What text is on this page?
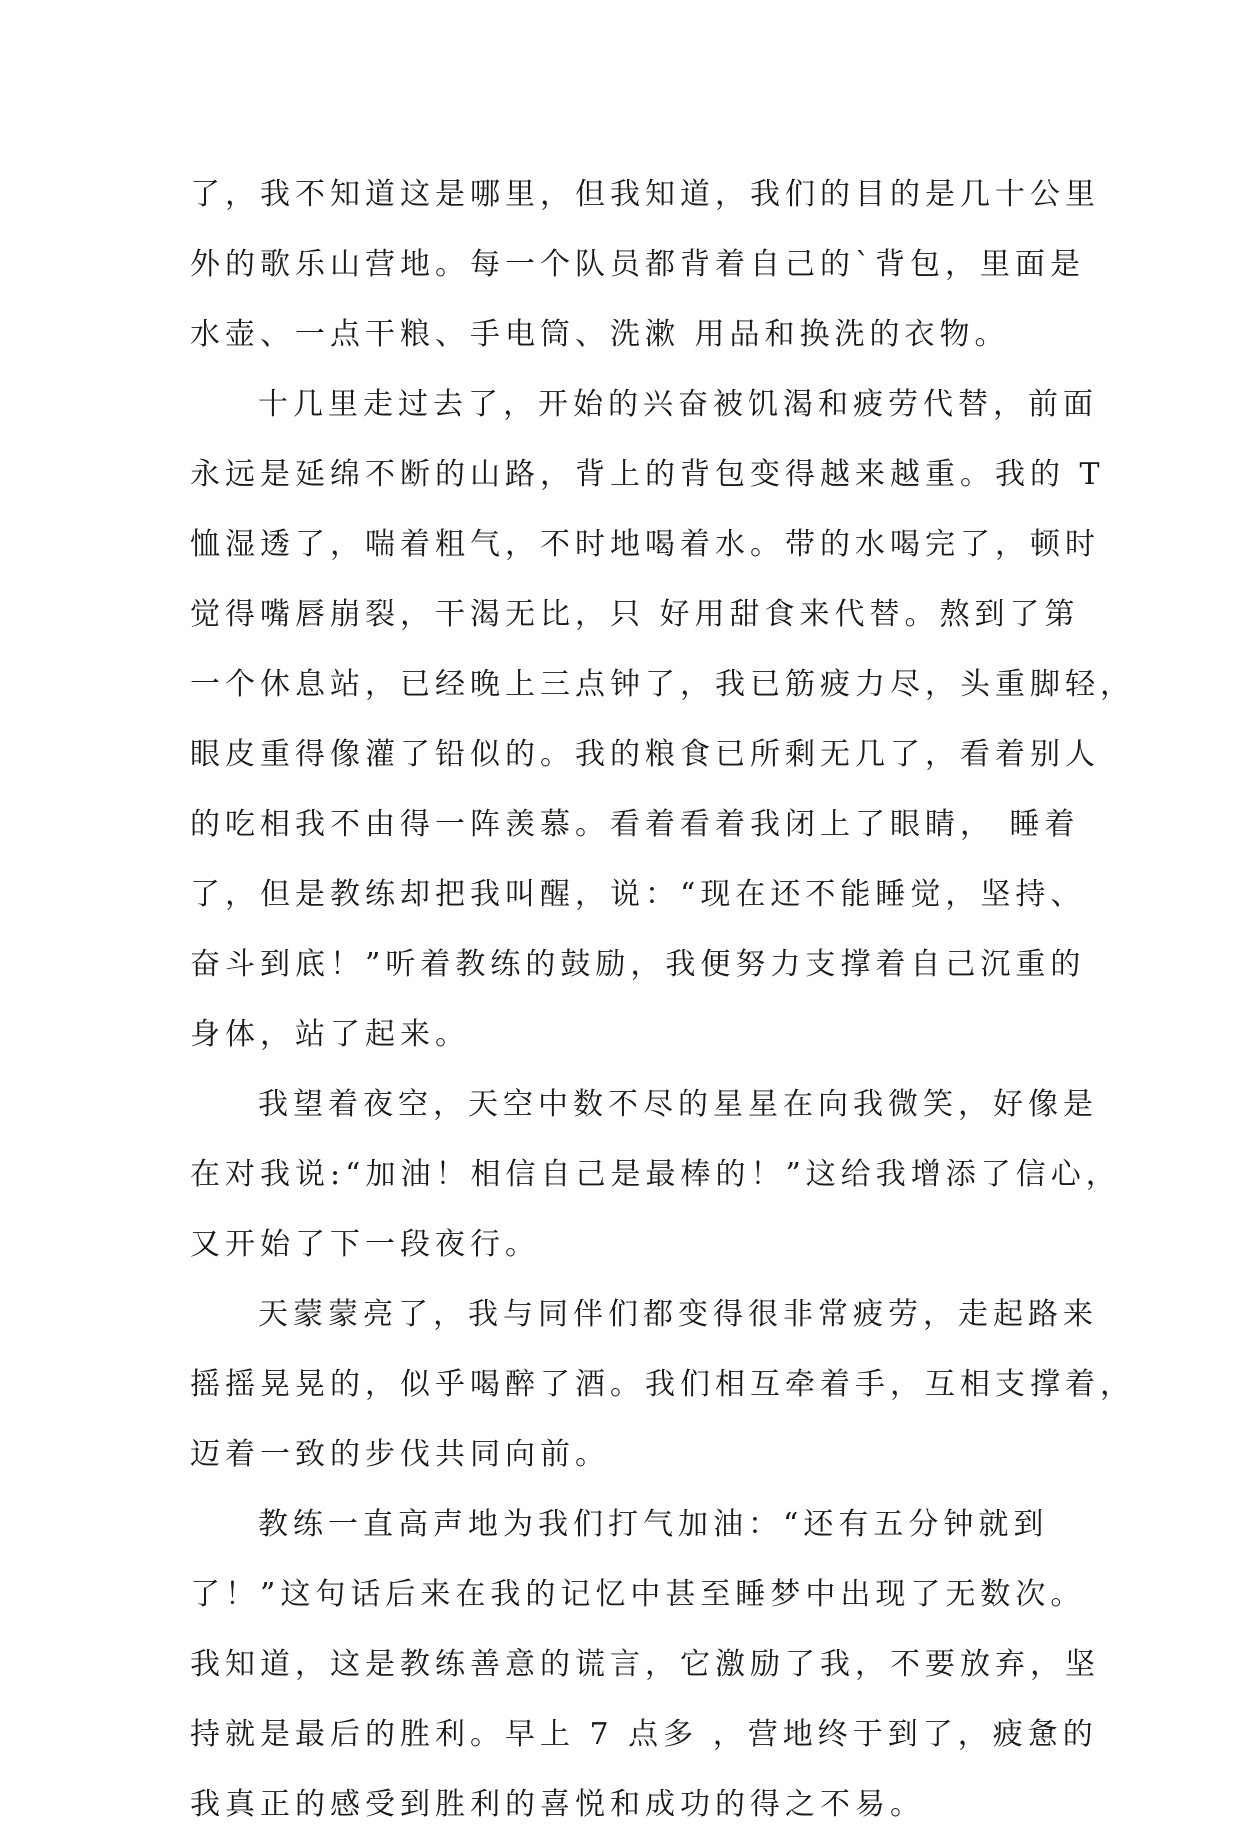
了，我不知道这是哪里，但我知道，我们的目的是几十公里
外的歌乐山营地。每一个队员都背着自己的`背包，里面是
水壶、一点干粮、手电筒、洗漱 用品和换洗的衣物。
十几里走过去了，开始的兴奋被饥渴和疲劳代替，前面
永远是延绵不断的山路，背上的背包变得越来越重。我的 T
恤湿透了，喘着粗气，不时地喝着水。带的水喝完了，顿时
觉得嘴唇崩裂，干渴无比，只 好用甜食来代替。熬到了第
一个休息站，已经晚上三点钟了，我已筋疲力尽，头重脚轻，
眼皮重得像灌了铅似的。我的粮食已所剩无几了，看着别人
的吃相我不由得一阵羡慕。看着看着我闭上了眼睛， 睡着
了，但是教练却把我叫醒，说：“现在还不能睡觉，坚持、
奋斗到底！”听着教练的鼓励，我便努力支撑着自己沉重的
身体，站了起来。
我望着夜空，天空中数不尽的星星在向我微笑，好像是
在对我说:“加油！相信自己是最棒的！”这给我增添了信心，
又开始了下一段夜行。
天蒙蒙亮了，我与同伴们都变得很非常疲劳，走起路来
摇摇晃晃的，似乎喝醉了酒。我们相互牵着手，互相支撑着，
迈着一致的步伐共同向前。
教练一直高声地为我们打气加油：“还有五分钟就到
了！”这句话后来在我的记忆中甚至睡梦中出现了无数次。
我知道，这是教练善意的谎言，它激励了我，不要放弃，坚
持就是最后的胜利。早上 7 点多 ，营地终于到了，疲惫的
我真正的感受到胜利的喜悦和成功的得之不易。
